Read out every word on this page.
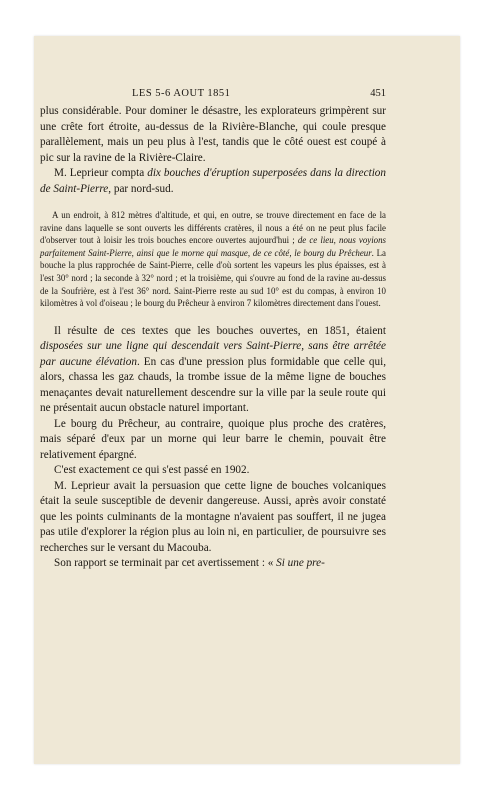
LES 5-6 AOUT 1851	451

plus considérable. Pour dominer le désastre, les explorateurs grimpèrent sur une crête fort étroite, au-dessus de la Rivière-Blanche, qui coule presque parallèlement, mais un peu plus à l'est, tandis que le côté ouest est coupé à pic sur la ravine de la Rivière-Claire.

M. Leprieur compta dix bouches d'éruption superposées dans la direction de Saint-Pierre, par nord-sud.

A un endroit, à 812 mètres d'altitude, et qui, en outre, se trouve directement en face de la ravine dans laquelle se sont ouverts les différents cratères, il nous a été on ne peut plus facile d'observer tout à loisir les trois bouches encore ouvertes aujourd'hui ; de ce lieu, nous voyions parfaitement Saint-Pierre, ainsi que le morne qui masque, de ce côté, le bourg du Prêcheur. La bouche la plus rapprochée de Saint-Pierre, celle d'où sortent les vapeurs les plus épaisses, est à l'est 30° nord ; la seconde à 32° nord ; et la troisième, qui s'ouvre au fond de la ravine au-dessus de la Soufrière, est à l'est 36° nord. Saint-Pierre reste au sud 10° est du compas, à environ 10 kilomètres à vol d'oiseau ; le bourg du Prêcheur à environ 7 kilomètres directement dans l'ouest.

Il résulte de ces textes que les bouches ouvertes, en 1851, étaient disposées sur une ligne qui descendait vers Saint-Pierre, sans être arrêtée par aucune élévation. En cas d'une pression plus formidable que celle qui, alors, chassa les gaz chauds, la trombe issue de la même ligne de bouches menaçantes devait naturellement descendre sur la ville par la seule route qui ne présentait aucun obstacle naturel important.

Le bourg du Prêcheur, au contraire, quoique plus proche des cratères, mais séparé d'eux par un morne qui leur barre le chemin, pouvait être relativement épargné.

C'est exactement ce qui s'est passé en 1902.

M. Leprieur avait la persuasion que cette ligne de bouches volcaniques était la seule susceptible de devenir dangereuse. Aussi, après avoir constaté que les points culminants de la montagne n'avaient pas souffert, il ne jugea pas utile d'explorer la région plus au loin ni, en particulier, de poursuivre ses recherches sur le versant du Macouba.

Son rapport se terminait par cet avertissement : « Si une pre-
